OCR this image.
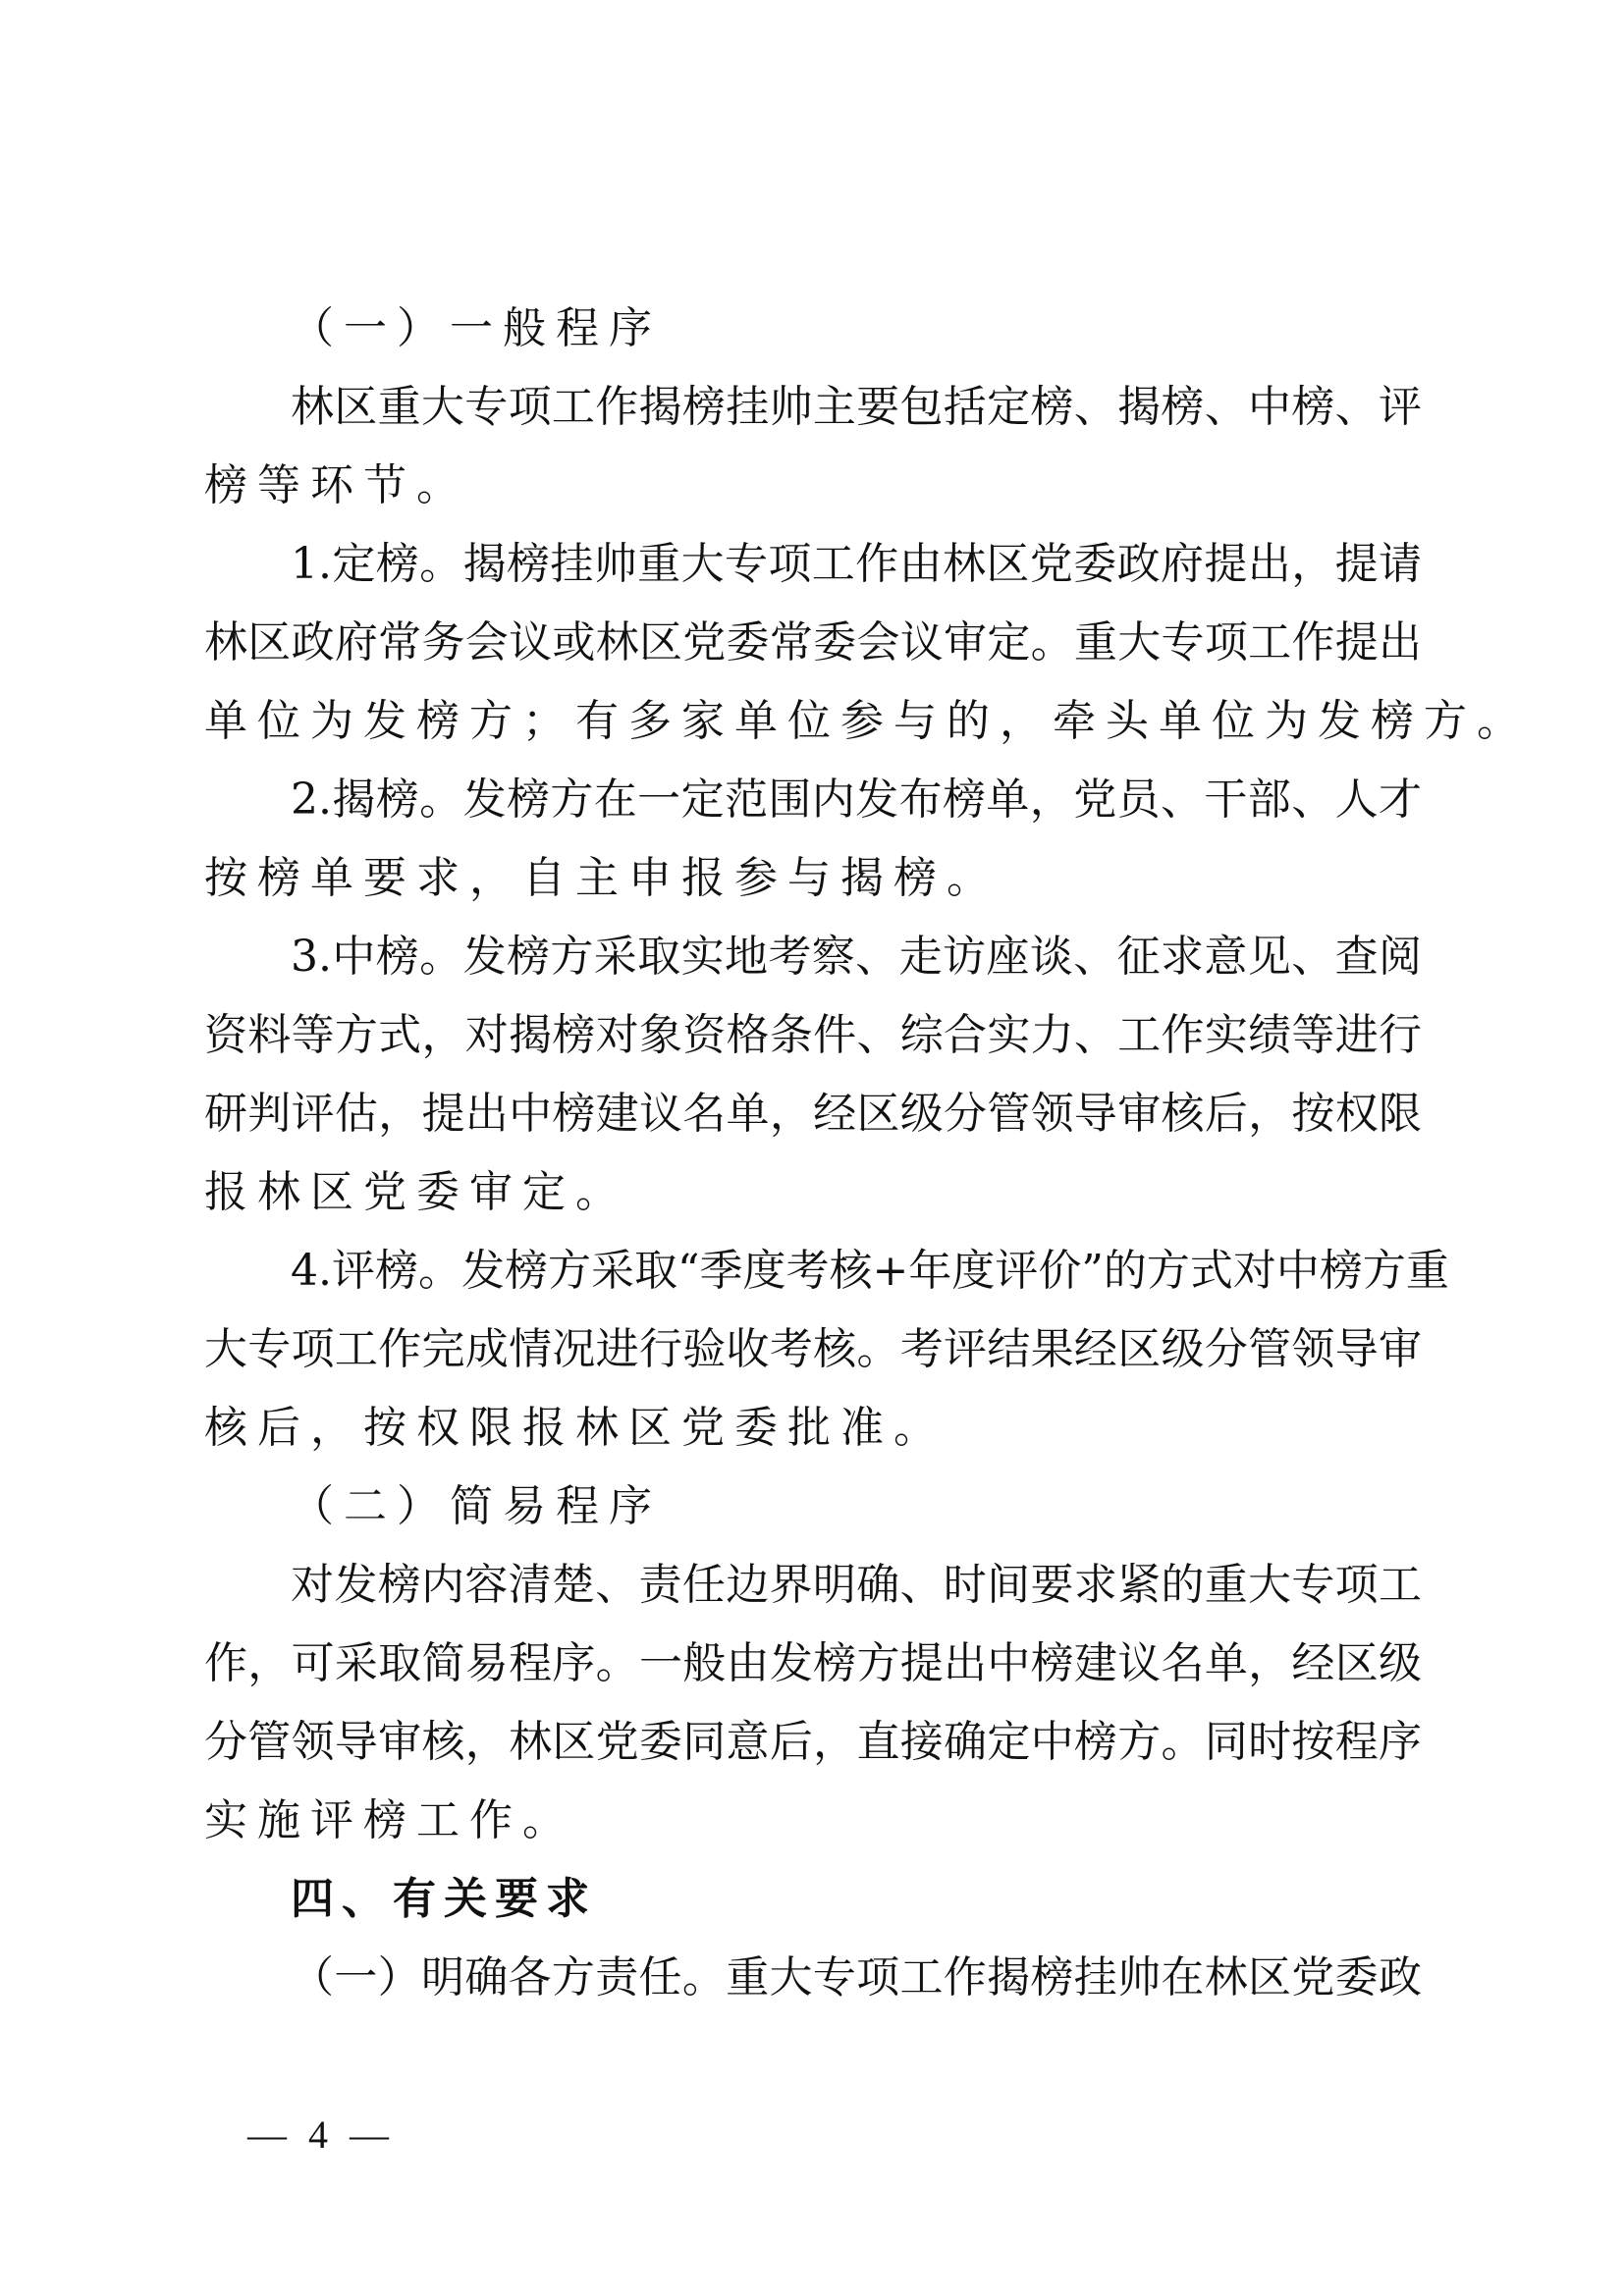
（一）一般程序
林区重大专项工作揭榜挂帅主要包括定榜、揭榜、中榜、评
榜等环节。
1.定榜。揭榜挂帅重大专项工作由林区党委政府提出，提请
林区政府常务会议或林区党委常委会议审定。重大专项工作提出
单位为发榜方；有多家单位参与的，牵头单位为发榜方。
2.揭榜。发榜方在一定范围内发布榜单，党员、干部、人才
按榜单要求，自主申报参与揭榜。
3.中榜。发榜方采取实地考察、走访座谈、征求意见、查阅
资料等方式，对揭榜对象资格条件、综合实力、工作实绩等进行
研判评估，提出中榜建议名单，经区级分管领导审核后，按权限
报林区党委审定。
4.评榜。发榜方采取“季度考核+年度评价”的方式对中榜方重
大专项工作完成情况进行验收考核。考评结果经区级分管领导审
核后，按权限报林区党委批准。
（二）简易程序
对发榜内容清楚、责任边界明确、时间要求紧的重大专项工
作，可采取简易程序。一般由发榜方提出中榜建议名单，经区级
分管领导审核，林区党委同意后，直接确定中榜方。同时按程序
实施评榜工作。
四、有关要求
（一）明确各方责任。重大专项工作揭榜挂帅在林区党委政
— 4 —
